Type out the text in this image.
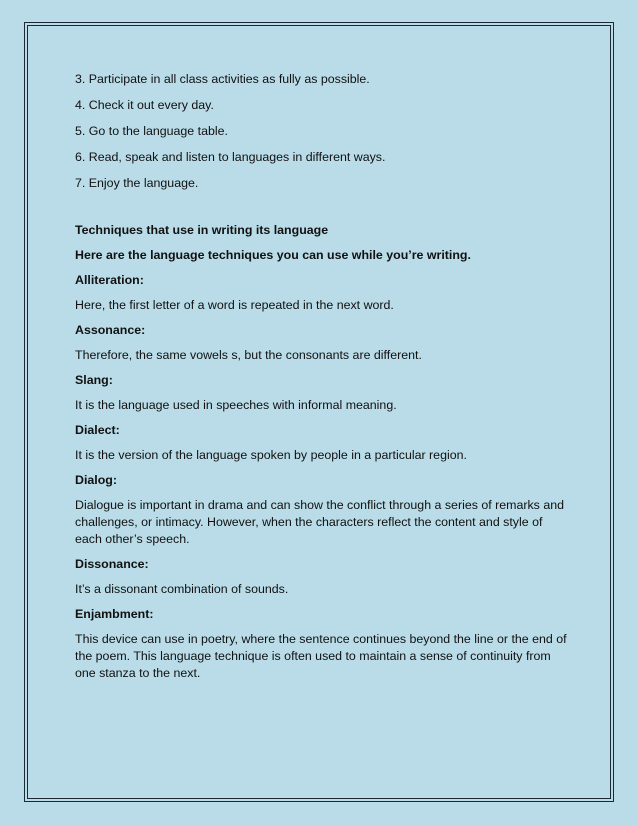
3. Participate in all class activities as fully as possible.
4. Check it out every day.
5. Go to the language table.
6. Read, speak and listen to languages in different ways.
7. Enjoy the language.
Techniques that use in writing its language
Here are the language techniques you can use while you’re writing.
Alliteration:
Here, the first letter of a word is repeated in the next word.
Assonance:
Therefore, the same vowels s, but the consonants are different.
Slang:
It is the language used in speeches with informal meaning.
Dialect:
It is the version of the language spoken by people in a particular region.
Dialog:
Dialogue is important in drama and can show the conflict through a series of remarks and challenges, or intimacy. However, when the characters reflect the content and style of each other’s speech.
Dissonance:
It’s a dissonant combination of sounds.
Enjambment:
This device can use in poetry, where the sentence continues beyond the line or the end of the poem. This language technique is often used to maintain a sense of continuity from one stanza to the next.
